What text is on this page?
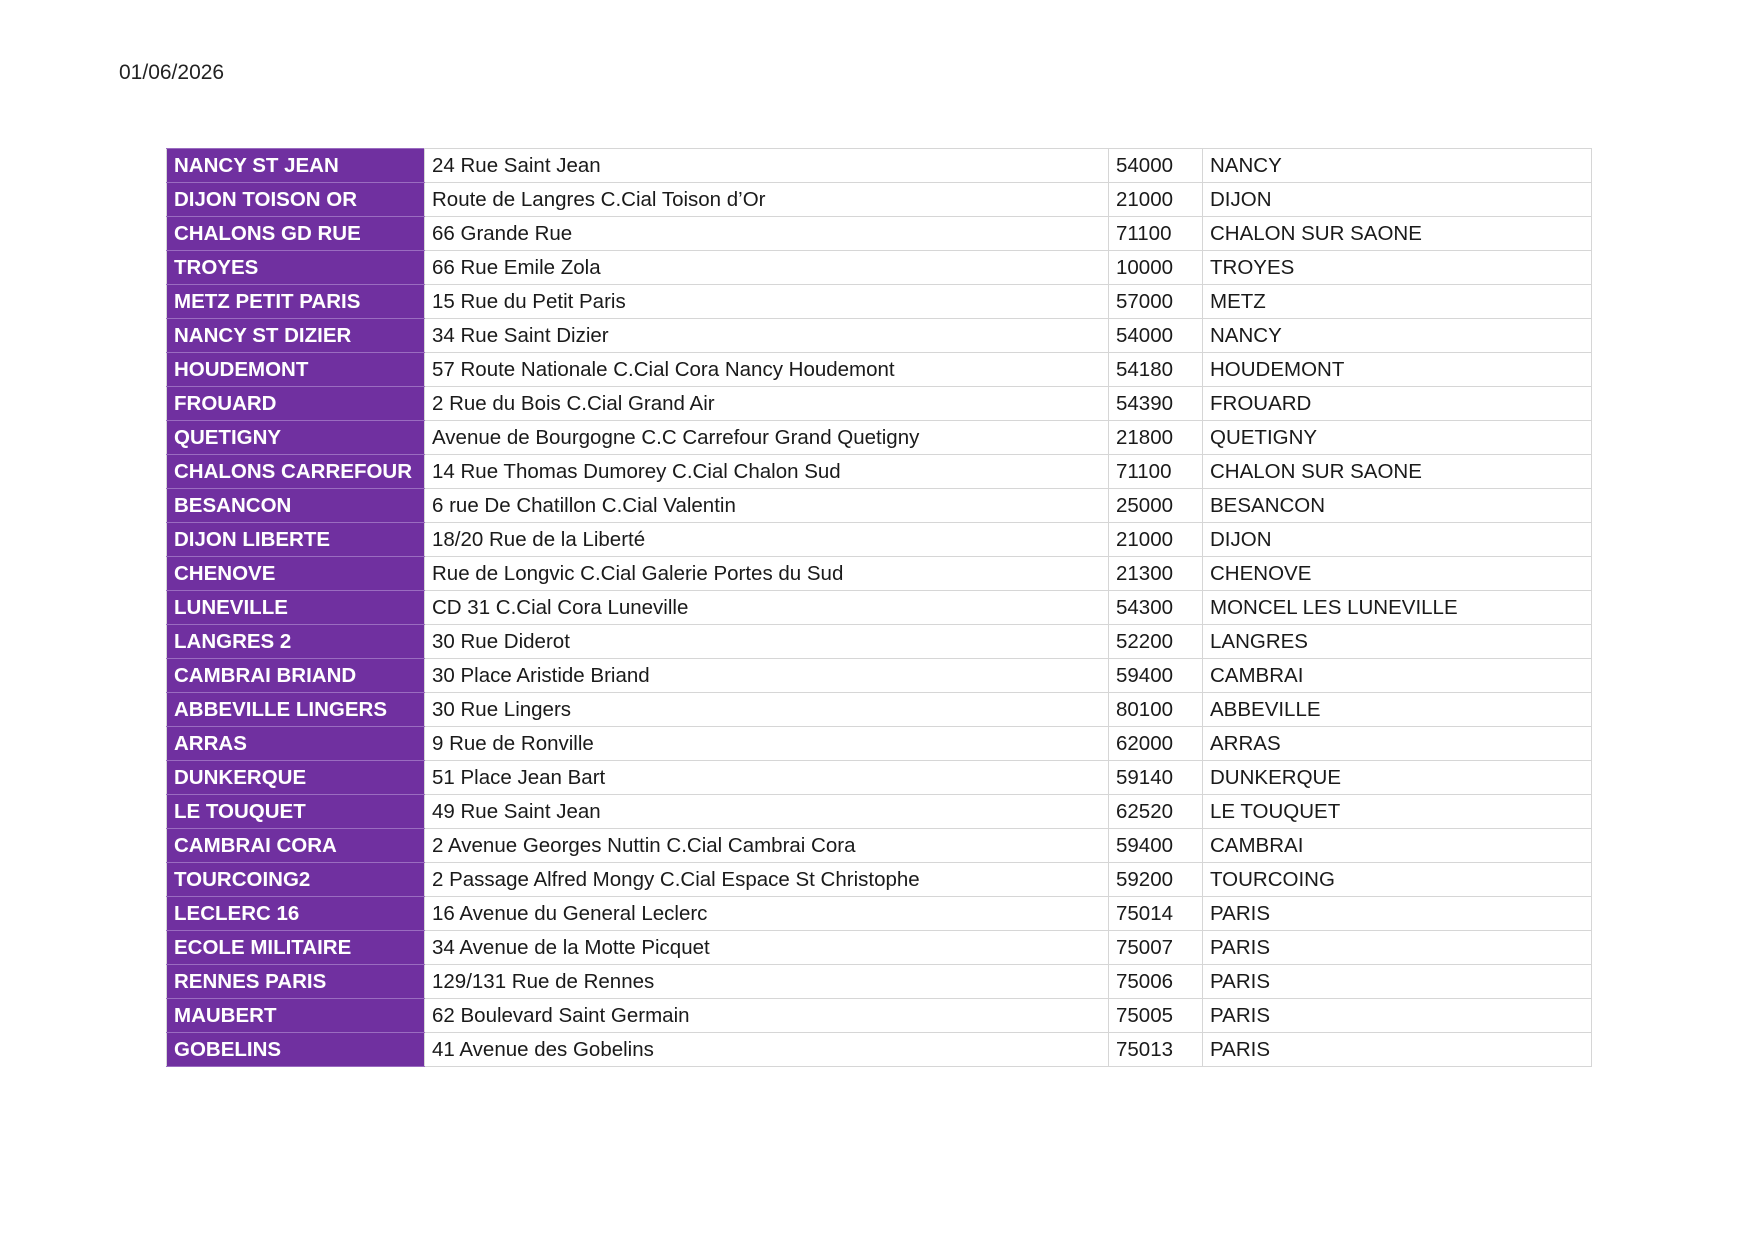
01/06/2026
NANCY ST JEAN	24 Rue Saint Jean	54000	NANCY
DIJON TOISON OR	Route de Langres C.Cial Toison d’Or	21000	DIJON
CHALONS GD RUE	66 Grande Rue	71100	CHALON SUR SAONE
TROYES	66 Rue Emile Zola	10000	TROYES
METZ PETIT PARIS	15 Rue du Petit Paris	57000	METZ
NANCY ST DIZIER	34 Rue Saint Dizier	54000	NANCY
HOUDEMONT	57 Route Nationale C.Cial Cora Nancy Houdemont	54180	HOUDEMONT
FROUARD	2 Rue du Bois C.Cial Grand Air	54390	FROUARD
QUETIGNY	Avenue de Bourgogne C.C Carrefour Grand Quetigny	21800	QUETIGNY
CHALONS CARREFOUR	14 Rue Thomas Dumorey C.Cial Chalon Sud	71100	CHALON SUR SAONE
BESANCON	6 rue De Chatillon C.Cial Valentin	25000	BESANCON
DIJON LIBERTE	18/20 Rue de la Liberté	21000	DIJON
CHENOVE	Rue de Longvic C.Cial Galerie Portes du Sud	21300	CHENOVE
LUNEVILLE	CD 31 C.Cial Cora Luneville	54300	MONCEL LES LUNEVILLE
LANGRES 2	30 Rue Diderot	52200	LANGRES
CAMBRAI BRIAND	30 Place Aristide Briand	59400	CAMBRAI
ABBEVILLE LINGERS	30 Rue Lingers	80100	ABBEVILLE
ARRAS	9 Rue de Ronville	62000	ARRAS
DUNKERQUE	51 Place Jean Bart	59140	DUNKERQUE
LE TOUQUET	49 Rue Saint Jean	62520	LE TOUQUET
CAMBRAI CORA	2 Avenue Georges Nuttin C.Cial Cambrai Cora	59400	CAMBRAI
TOURCOING2	2 Passage Alfred Mongy C.Cial Espace St Christophe	59200	TOURCOING
LECLERC 16	16 Avenue du General Leclerc	75014	PARIS
ECOLE MILITAIRE	34 Avenue de la Motte Picquet	75007	PARIS
RENNES PARIS	129/131 Rue de Rennes	75006	PARIS
MAUBERT	62 Boulevard Saint Germain	75005	PARIS
GOBELINS	41 Avenue des Gobelins	75013	PARIS
